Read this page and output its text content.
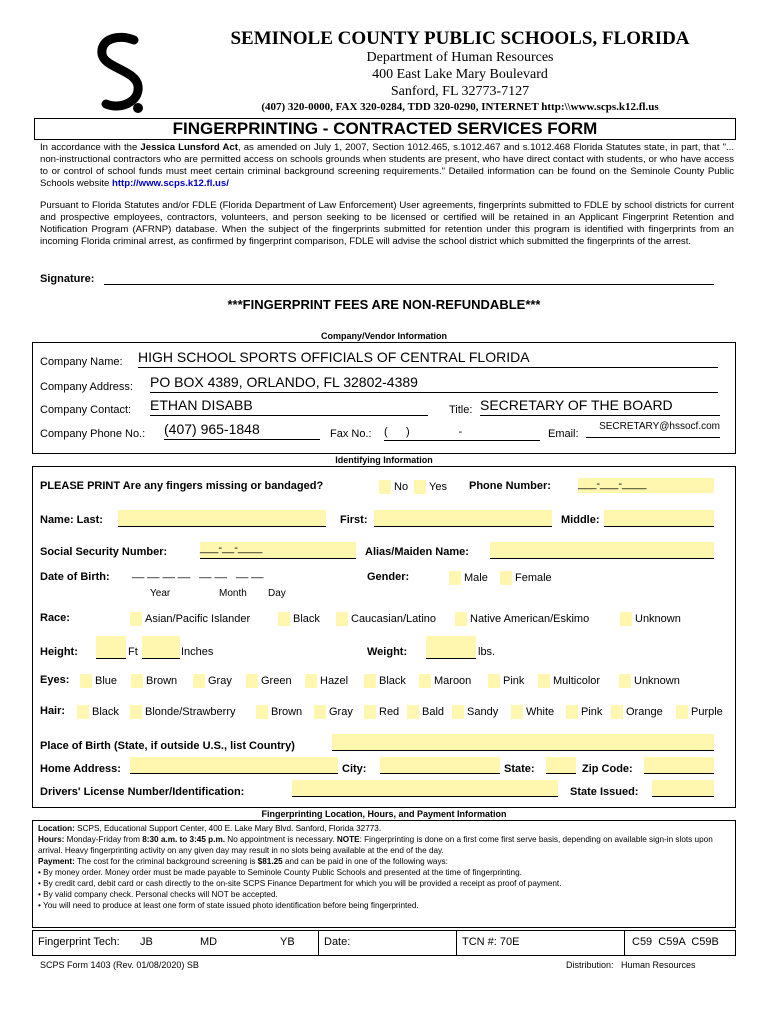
SEMINOLE COUNTY PUBLIC SCHOOLS, FLORIDA
Department of Human Resources
400 East Lake Mary Boulevard
Sanford, FL 32773-7127
(407) 320-0000, FAX 320-0284, TDD 320-0290, INTERNET http:\\www.scps.k12.fl.us
FINGERPRINTING - CONTRACTED SERVICES FORM

In accordance with the Jessica Lunsford Act, as amended on July 1, 2007, Section 1012.465, s.1012.467 and s.1012.468 Florida Statutes state, in part, that "... non-instructional contractors who are permitted access on schools grounds when students are present, who have direct contact with students, or who have access to or control of school funds must meet certain criminal background screening requirements." Detailed information can be found on the Seminole County Public Schools website http://www.scps.k12.fl.us/

Pursuant to Florida Statutes and/or FDLE (Florida Department of Law Enforcement) User agreements, fingerprints submitted to FDLE by school districts for current and prospective employees, contractors, volunteers, and person seeking to be licensed or certified will be retained in an Applicant Fingerprint Retention and Notification Program (AFRNP) database. When the subject of the fingerprints submitted for retention under this program is identified with fingerprints from an incoming Florida criminal arrest, as confirmed by fingerprint comparison, FDLE will advise the school district which submitted the fingerprints of the arrest.

Signature:
***FINGERPRINT FEES ARE NON-REFUNDABLE***
Company/Vendor Information
Company Name: HIGH SCHOOL SPORTS OFFICIALS OF CENTRAL FLORIDA
Company Address: PO BOX 4389, ORLANDO, FL 32802-4389
Company Contact: ETHAN DISABB	Title: SECRETARY OF THE BOARD
Company Phone No.: (407) 965-1848	Fax No.: (      )                -	Email:
SECRETARY@hssocf.com
Identifying Information
PLEASE PRINT Are any fingers missing or bandaged?	No	Yes Phone Number: ___-___-____
Name: Last:	First:	Middle:
Social Security Number:	___-__-____	Alias/Maiden Name:
Date of Birth: __ __ __ __   __ __   __ __
Year	Month Day
Gender:	Male	Female
Race:	Asian/Pacific Islander	Black	Caucasian/Latino	Native American/Eskimo	Unknown
Height:	Ft	Inches	Weight:	lbs.
Eyes:	Blue	Brown	Gray	Green	Hazel	Black	Maroon	Pink	Multicolor	Unknown
Hair:	Black	Blonde/Strawberry	Brown	Gray	Red	Bald	Sandy	White	Pink	Orange	Purple
Place of Birth (State, if outside U.S., list Country)
Home Address:	City:	State:	Zip Code:
Drivers' License Number/Identification:	State Issued:
Fingerprinting Location, Hours, and Payment Information

Location: SCPS, Educational Support Center, 400 E. Lake Mary Blvd. Sanford, Florida 32773.

Hours: Monday-Friday from 8:30 a.m. to 3:45 p.m. No appointment is necessary. NOTE: Fingerprinting is done on a first come first serve basis, depending on available sign-in slots upon arrival. Heavy fingerprinting activity on any given day may result in no slots being available at the end of the day.

Payment: The cost for the criminal background screening is $81.25 and can be paid in one of the following ways:

• By money order. Money order must be made payable to Seminole County Public Schools and presented at the time of fingerprinting.

• By credit card, debit card or cash directly to the on-site SCPS Finance Department for which you will be provided a receipt as proof of payment.

• By valid company check. Personal checks will NOT be accepted.

• You will need to produce at least one form of state issued photo identification before being fingerprinted.

Fingerprint Tech: JB	MD	YB	Date:	TCN #: 70E	C59  C59A  C59B
SCPS Form 1403 (Rev. 01/08/2020) SB	Distribution:   Human Resources
